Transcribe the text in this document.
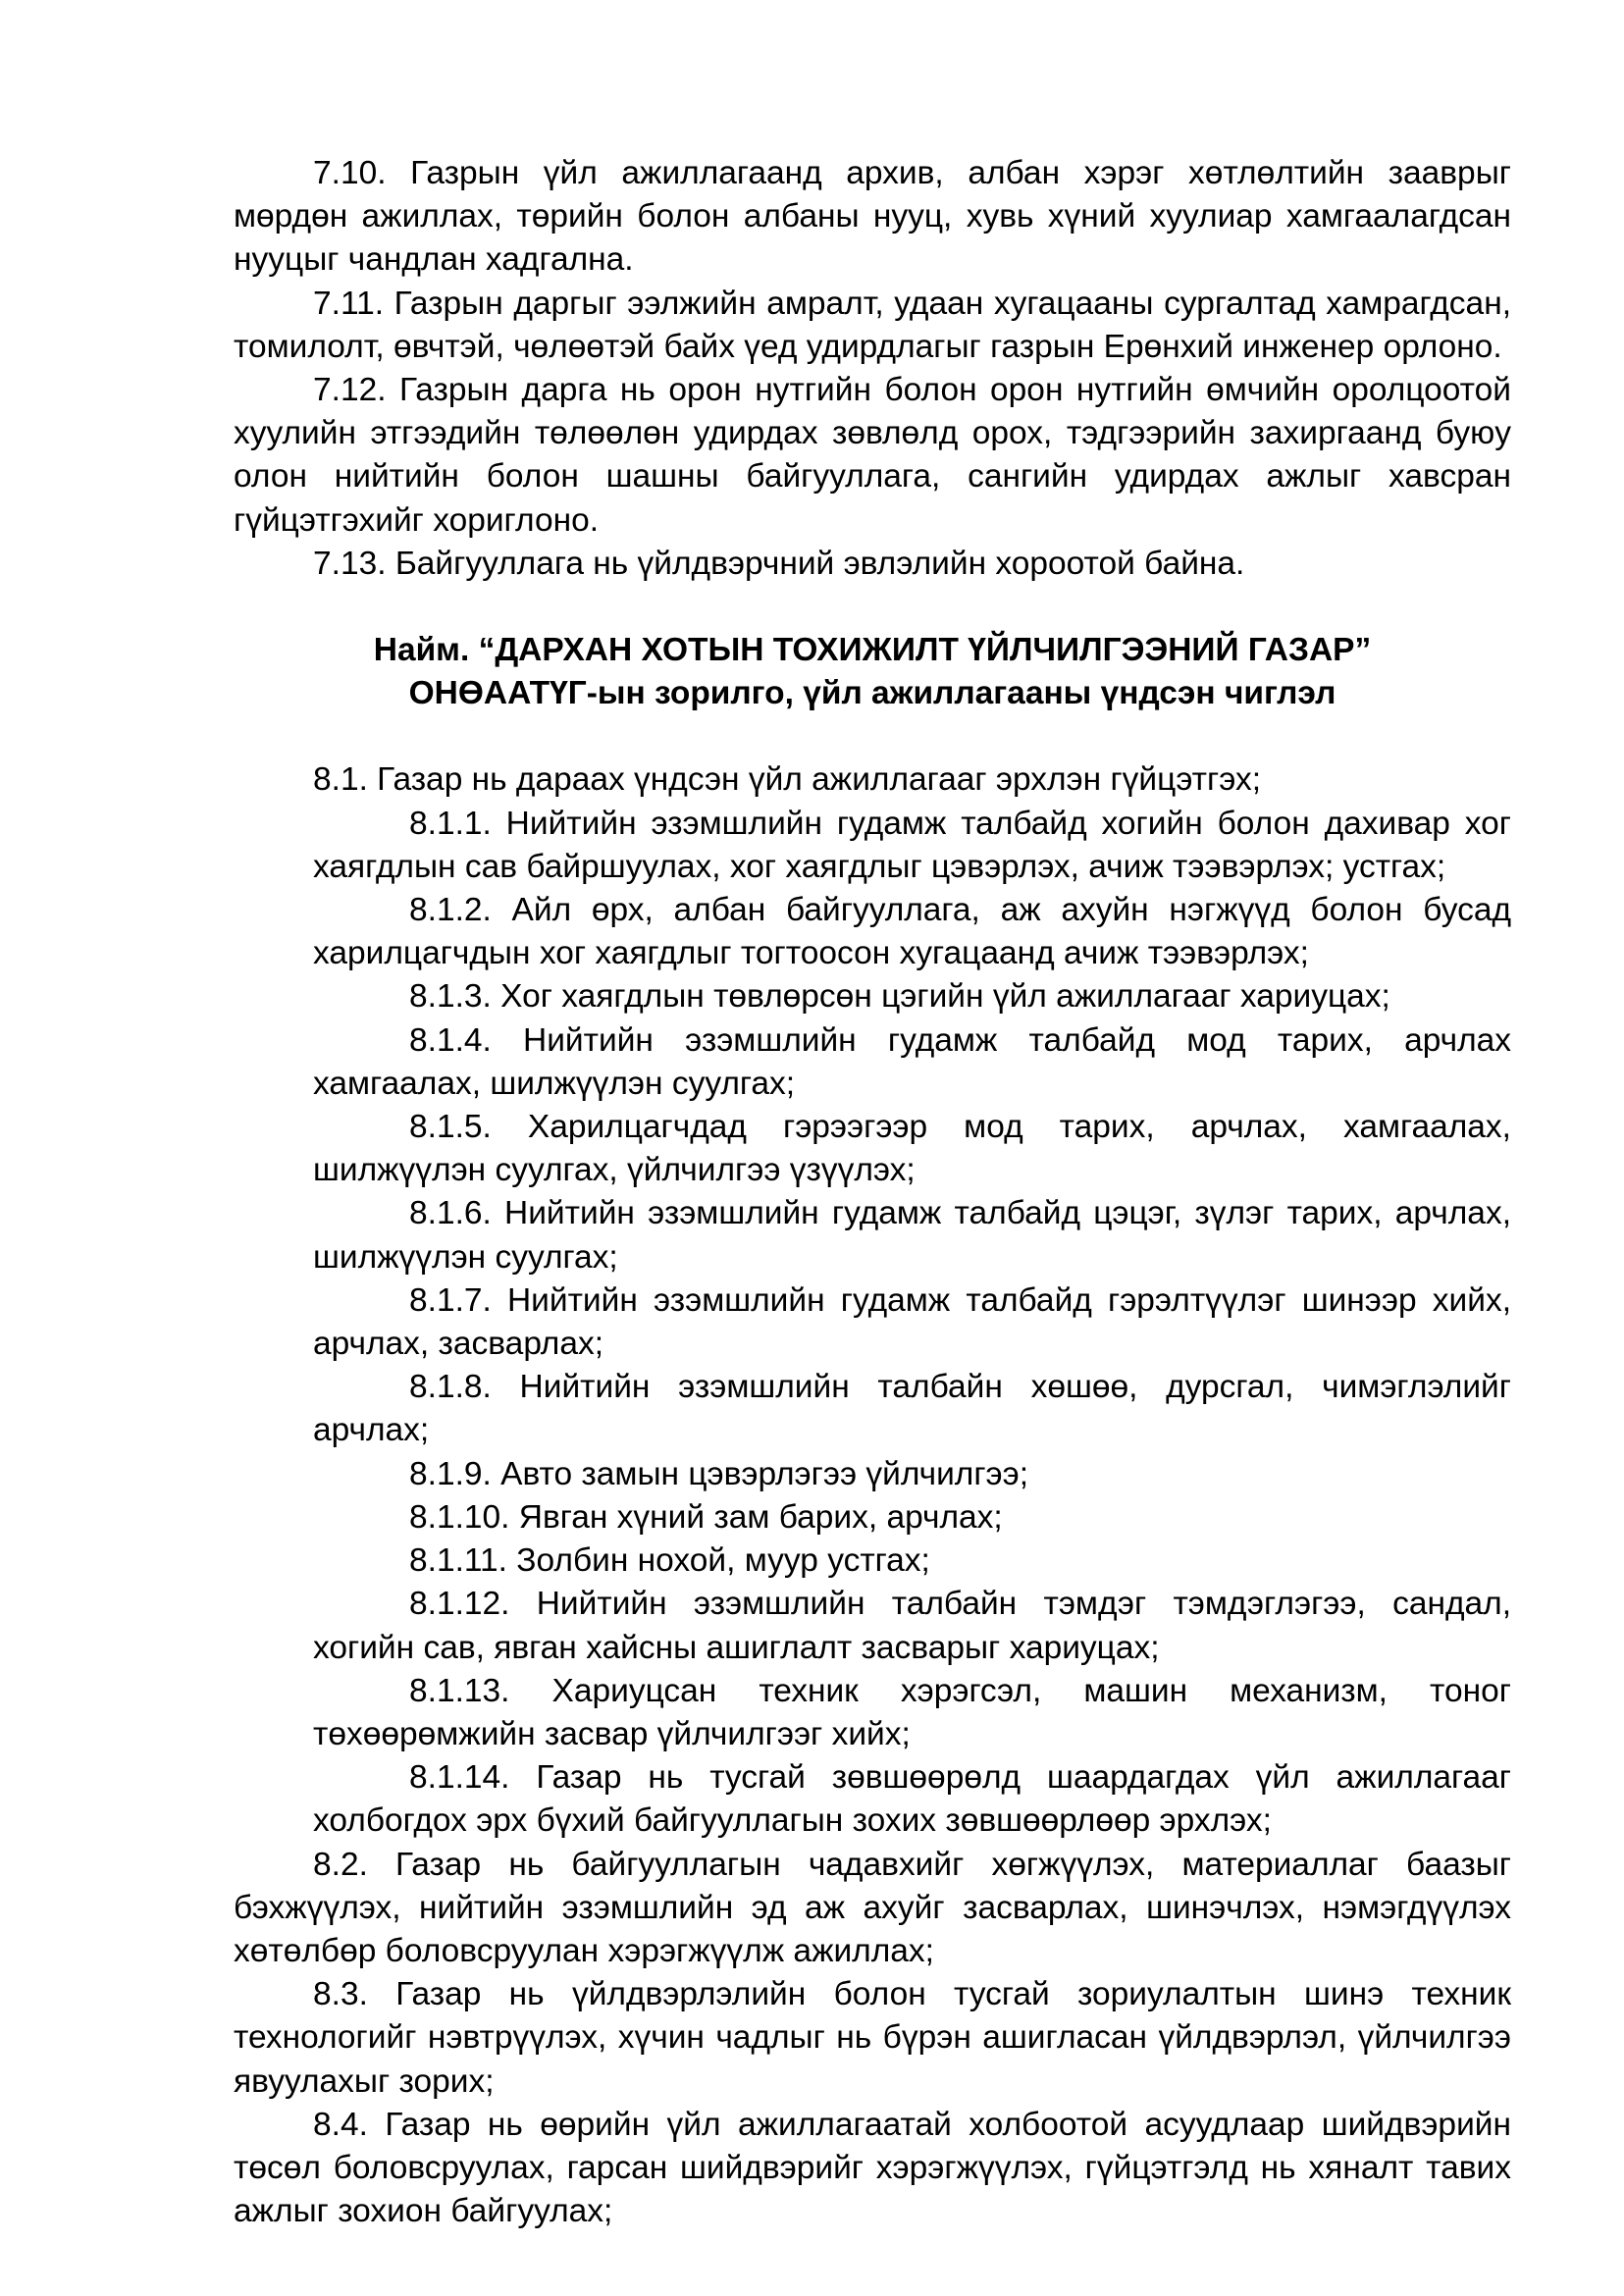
7.10. Газрын үйл ажиллагаанд архив, албан хэрэг хөтлөлтийн зааврыг мөрдөн ажиллах, төрийн болон албаны нууц, хувь хүний хуулиар хамгаалагдсан нууцыг чандлан хадгална.

7.11. Газрын даргыг ээлжийн амралт, удаан хугацааны сургалтад хамрагдсан, томилолт, өвчтэй, чөлөөтэй байх үед удирдлагыг газрын Ерөнхий инженер орлоно.

7.12. Газрын дарга нь орон нутгийн болон орон нутгийн өмчийн оролцоотой хуулийн этгээдийн төлөөлөн удирдах зөвлөлд орох, тэдгээрийн захиргаанд буюу олон нийтийн болон шашны байгууллага, сангийн удирдах ажлыг хавсран гүйцэтгэхийг хориглоно.

7.13. Байгууллага нь үйлдвэрчний эвлэлийн хороотой байна.

Найм. “ДАРХАН ХОТЫН ТОХИЖИЛТ ҮЙЛЧИЛГЭЭНИЙ ГАЗАР”

ОНӨААТҮГ-ын зорилго, үйл ажиллагааны үндсэн чиглэл

8.1. Газар нь дараах үндсэн үйл ажиллагааг эрхлэн гүйцэтгэх;

8.1.1. Нийтийн эзэмшлийн гудамж талбайд хогийн болон дахивар хог хаягдлын сав байршуулах, хог хаягдлыг цэвэрлэх, ачиж тээвэрлэх; устгах;

8.1.2. Айл өрх, албан байгууллага, аж ахуйн нэгжүүд болон бусад харилцагчдын хог хаягдлыг тогтоосон хугацаанд ачиж тээвэрлэх;

8.1.3. Хог хаягдлын төвлөрсөн цэгийн үйл ажиллагааг хариуцах;

8.1.4. Нийтийн эзэмшлийн гудамж талбайд мод тарих, арчлах хамгаалах, шилжүүлэн суулгах;

8.1.5. Харилцагчдад гэрээгээр мод тарих, арчлах, хамгаалах, шилжүүлэн суулгах, үйлчилгээ үзүүлэх;

8.1.6. Нийтийн эзэмшлийн гудамж талбайд цэцэг, зүлэг тарих, арчлах, шилжүүлэн суулгах;

8.1.7. Нийтийн эзэмшлийн гудамж талбайд гэрэлтүүлэг шинээр хийх, арчлах, засварлах;

8.1.8. Нийтийн эзэмшлийн талбайн хөшөө, дурсгал, чимэглэлийг арчлах;

8.1.9. Авто замын цэвэрлэгээ үйлчилгээ;

8.1.10. Явган хүний зам барих, арчлах;

8.1.11. Золбин нохой, муур устгах;

8.1.12. Нийтийн эзэмшлийн талбайн тэмдэг тэмдэглэгээ, сандал, хогийн сав, явган хайсны ашиглалт засварыг хариуцах;

8.1.13. Хариуцсан техник хэрэгсэл, машин механизм, тоног төхөөрөмжийн засвар үйлчилгээг хийх;

8.1.14. Газар нь тусгай зөвшөөрөлд шаардагдах үйл ажиллагааг холбогдох эрх бүхий байгууллагын зохих зөвшөөрлөөр эрхлэх;

8.2. Газар нь байгууллагын чадавхийг хөгжүүлэх, материаллаг баазыг бэхжүүлэх, нийтийн эзэмшлийн эд аж ахуйг засварлах, шинэчлэх, нэмэгдүүлэх хөтөлбөр боловсруулан хэрэгжүүлж ажиллах;

8.3. Газар нь үйлдвэрлэлийн болон тусгай зориулалтын шинэ техник технологийг нэвтрүүлэх, хүчин чадлыг нь бүрэн ашигласан үйлдвэрлэл, үйлчилгээ явуулахыг зорих;

8.4. Газар нь өөрийн үйл ажиллагаатай холбоотой асуудлаар шийдвэрийн төсөл боловсруулах, гарсан шийдвэрийг хэрэгжүүлэх, гүйцэтгэлд нь хяналт тавих ажлыг зохион байгуулах;
